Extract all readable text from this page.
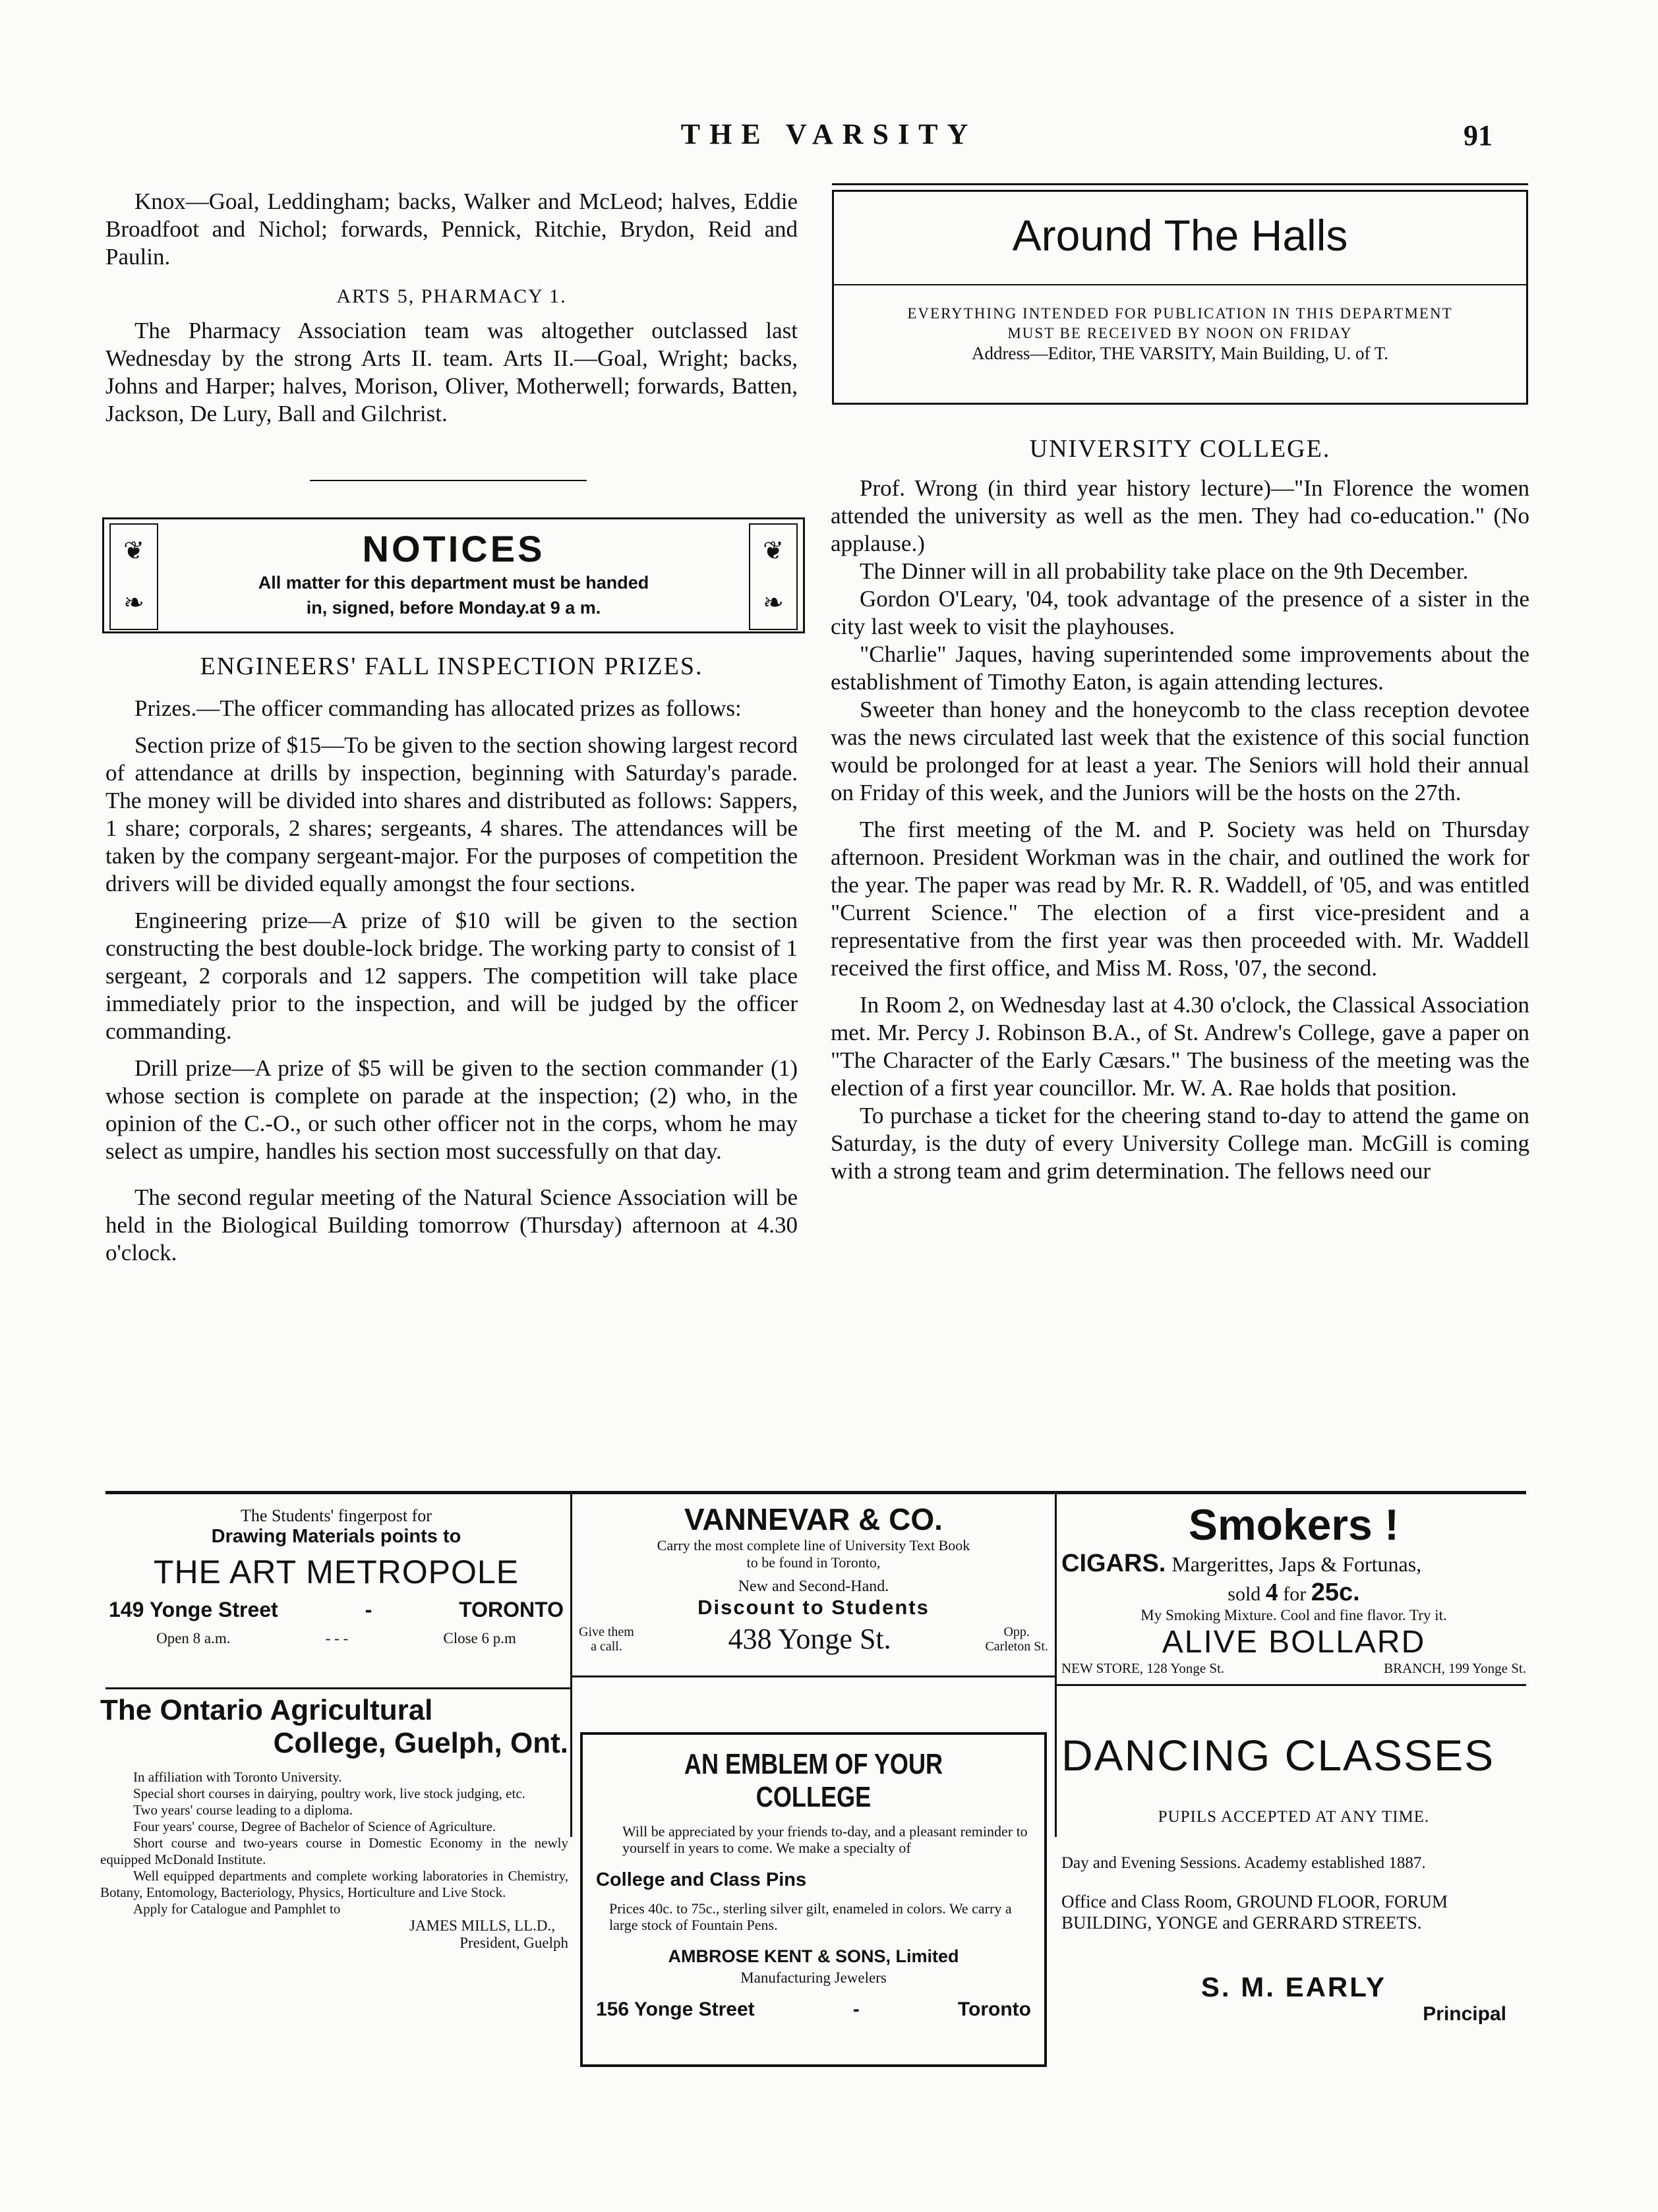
THE VARSITY	91

Knox—Goal, Leddingham; backs, Walker and McLeod; halves, Eddie Broadfoot and Nichol; forwards, Pennick, Ritchie, Brydon, Reid and Paulin.

ARTS 5, PHARMACY 1.

The Pharmacy Association team was altogether outclassed last Wednesday by the strong Arts II. team. Arts II.—Goal, Wright; backs, Johns and Harper; halves, Morison, Oliver, Motherwell; forwards, Batten, Jackson, De Lury, Ball and Gilchrist.

❦
❧
NOTICES
All matter for this department must be handed
in, signed, before Monday.at 9 a m.
❦
❧
ENGINEERS' FALL INSPECTION PRIZES.

Prizes.—The officer commanding has allocated prizes as follows:

Section prize of $15—To be given to the section showing largest record of attendance at drills by inspection, beginning with Saturday's parade. The money will be divided into shares and distributed as follows: Sappers, 1 share; corporals, 2 shares; sergeants, 4 shares. The attendances will be taken by the company sergeant-major. For the purposes of competition the drivers will be divided equally amongst the four sections.

Engineering prize—A prize of $10 will be given to the section constructing the best double-lock bridge. The working party to consist of 1 sergeant, 2 corporals and 12 sappers. The competition will take place immediately prior to the inspection, and will be judged by the officer commanding.

Drill prize—A prize of $5 will be given to the section commander (1) whose section is complete on parade at the inspection; (2) who, in the opinion of the C.-O., or such other officer not in the corps, whom he may select as umpire, handles his section most successfully on that day.

The second regular meeting of the Natural Science Association will be held in the Biological Building tomorrow (Thursday) afternoon at 4.30 o'clock.

Around The Halls
EVERYTHING INTENDED FOR PUBLICATION IN THIS DEPARTMENT
MUST BE RECEIVED BY NOON ON FRIDAY
Address—Editor, THE VARSITY, Main Building, U. of T.
UNIVERSITY COLLEGE.

Prof. Wrong (in third year history lecture)—"In Florence the women attended the university as well as the men. They had co-education." (No applause.)

The Dinner will in all probability take place on the 9th December.

Gordon O'Leary, '04, took advantage of the presence of a sister in the city last week to visit the playhouses.

"Charlie" Jaques, having superintended some improvements about the establishment of Timothy Eaton, is again attending lectures.

Sweeter than honey and the honeycomb to the class reception devotee was the news circulated last week that the existence of this social function would be prolonged for at least a year. The Seniors will hold their annual on Friday of this week, and the Juniors will be the hosts on the 27th.

The first meeting of the M. and P. Society was held on Thursday afternoon. President Workman was in the chair, and outlined the work for the year. The paper was read by Mr. R. R. Waddell, of '05, and was entitled "Current Science." The election of a first vice-president and a representative from the first year was then proceeded with. Mr. Waddell received the first office, and Miss M. Ross, '07, the second.

In Room 2, on Wednesday last at 4.30 o'clock, the Classical Association met. Mr. Percy J. Robinson B.A., of St. Andrew's College, gave a paper on "The Character of the Early Cæsars." The business of the meeting was the election of a first year councillor. Mr. W. A. Rae holds that position.

To purchase a ticket for the cheering stand to-day to attend the game on Saturday, is the duty of every University College man. McGill is coming with a strong team and grim determination. The fellows need our

The Students' fingerpost for
Drawing Materials points to
THE ART METROPOLE
149 Yonge Street	-	TORONTO
Open 8 a.m.	- - -	Close 6 p.m
VANNEVAR & CO.
Carry the most complete line of University Text Book
to be found in Toronto,
New and Second-Hand.
Discount to Students
Give them
a call.	438 Yonge St.	Opp.
Carleton St.
Smokers !
CIGARS. Margerittes, Japs & Fortunas,
sold 4 for 25c.
My Smoking Mixture. Cool and fine flavor. Try it.
ALIVE BOLLARD
NEW STORE, 128 Yonge St.	BRANCH, 199 Yonge St.
The Ontario Agricultural
College, Guelph, Ont.
In affiliation with Toronto University.
Special short courses in dairying, poultry work, live stock judging, etc.
Two years' course leading to a diploma.
Four years' course, Degree of Bachelor of Science of Agriculture.
Short course and two-years course in Domestic Economy in the newly equipped McDonald Institute.
Well equipped departments and complete working laboratories in Chemistry, Botany, Entomology, Bacteriology, Physics, Horticulture and Live Stock.
Apply for Catalogue and Pamphlet to
JAMES MILLS, LL.D.,
President, Guelph
AN EMBLEM OF YOUR COLLEGE
Will be appreciated by your friends to-day, and a pleasant reminder to yourself in years to come. We make a specialty of
College and Class Pins
Prices 40c. to 75c., sterling silver gilt, enameled in colors. We carry a large stock of Fountain Pens.
AMBROSE KENT & SONS, Limited
Manufacturing Jewelers
156 Yonge Street	-	Toronto
DANCING CLASSES
PUPILS ACCEPTED AT ANY TIME.
Day and Evening Sessions. Academy established 1887.
Office and Class Room, GROUND FLOOR, FORUM BUILDING, YONGE and GERRARD STREETS.
S. M. EARLY
Principal
